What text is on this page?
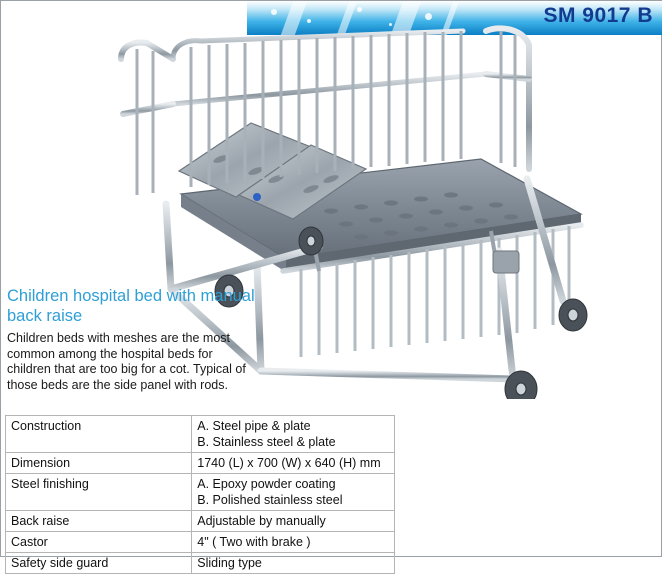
SM 9017 B
Children hospital bed with manual back raise
Children beds with meshes are the most common among the hospital beds for children that are too big for a cot. Typical of those beds are the side panel with rods.
Construction	A. Steel pipe & plate
B. Stainless steel & plate

Dimension	1740 (L) x 700 (W) x 640 (H) mm

Steel finishing	A. Epoxy powder coating
B. Polished stainless steel

Back raise	Adjustable by manually

Castor	4" ( Two with brake )

Safety side guard	Sliding type
